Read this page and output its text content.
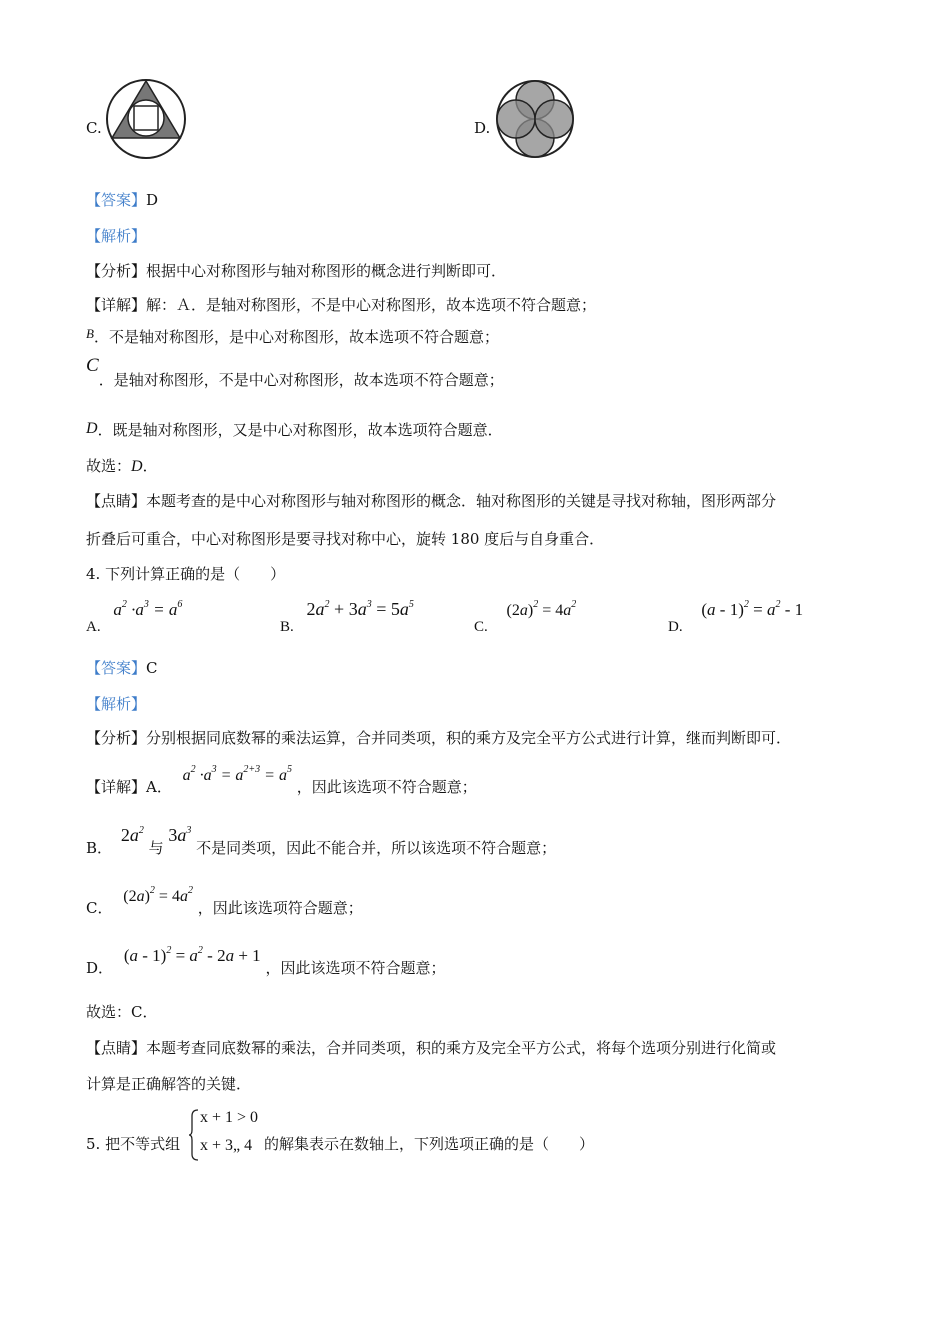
C.	D.
【答案】D
【解析】
【分析】根据中心对称图形与轴对称图形的概念进行判断即可．
【详解】解：Ａ．是轴对称图形，不是中心对称图形，故本选项不符合题意；
B．不是轴对称图形，是中心对称图形，故本选项不符合题意；
C．是轴对称图形，不是中心对称图形，故本选项不符合题意；
D．既是轴对称图形，又是中心对称图形，故本选项符合题意．
故选：D．
【点睛】本题考查的是中心对称图形与轴对称图形的概念．轴对称图形的关键是寻找对称轴，图形两部分
折叠后可重合，中心对称图形是要寻找对称中心，旋转 180 度后与自身重合．
4. 下列计算正确的是（　　）
A. $a^2 \cdot a^3 = a^6$
B. $2a^2 + 3a^3 = 5a^5$
C. $(2a)^2 = 4a^2$
D. $(a - 1)^2 = a^2 - 1$
【答案】C
【解析】
【分析】分别根据同底数幂的乘法运算，合并同类项，积的乘方及完全平方公式进行计算，继而判断即可．
【详解】A． $a^2 \cdot a^3 = a^{2+3} = a^5$ ，因此该选项不符合题意；
B． $2a^2$ 与 $3a^3$ 不是同类项，因此不能合并，所以该选项不符合题意；
C． $(2a)^2 = 4a^2$ ，因此该选项符合题意；
D． $(a - 1)^2 = a^2 - 2a + 1$ ，因此该选项不符合题意；
故选：C．
【点睛】本题考查同底数幂的乘法，合并同类项，积的乘方及完全平方公式，将每个选项分别进行化简或
计算是正确解答的关键．
5. 把不等式组
x + 1 > 0
x + 3„ 4 的解集表示在数轴上，下列选项正确的是（　　）
